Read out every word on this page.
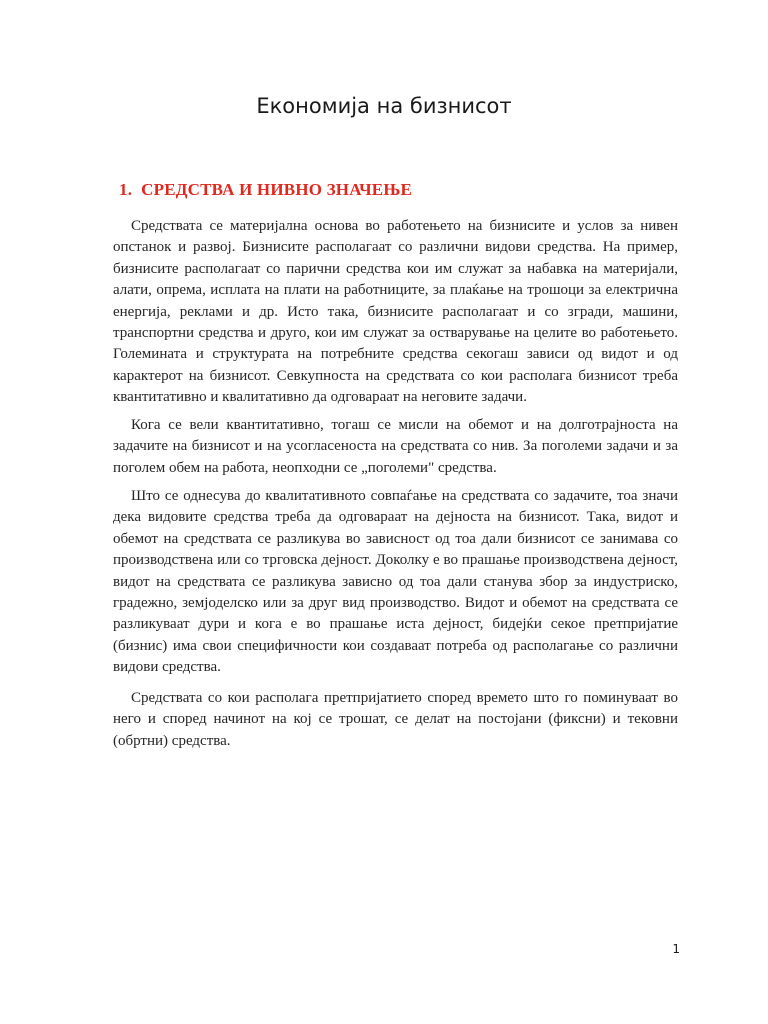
Економија на бизнисот
1. СРЕДСТВА И НИВНО ЗНАЧЕЊЕ

Средствата се материјална основа во работењето на бизнисите и услов за нивен опстанок и развој. Бизнисите располагаат со различни видови средства. На пример, бизнисите располагаат со парични средства кои им служат за набавка на материјали, алати, опрема, исплата на плати на работниците, за плаќање на трошоци за електрична енергија, реклами и др. Исто така, бизнисите располагаат и со згради, машини, транспортни средства и друго, кои им служат за остварување на целите во работењето. Големината и структурата на потребните средства секогаш зависи од видот и од карактерот на бизнисот. Севкупноста на средствата со кои располага бизнисот треба квантитативно и квалитативно да одговараат на неговите задачи.

Кога се вели квантитативно, тогаш се мисли на обемот и на долготрајноста на задачите на бизнисот и на усогласеноста на средствата со нив. За поголеми задачи и за поголем обем на работа, неопходни се „поголеми" средства.

Што се однесува до квалитативното совпаѓање на средствата со задачите, тоа значи дека видовите средства треба да одговараат на дејноста на бизнисот. Така, видот и обемот на средствата се разликува во зависност од тоа дали бизнисот се занимава со производствена или со трговска дејност. Доколку е во прашање производствена дејност, видот на средствата се разликува зависно од тоа дали станува збор за индустриско, градежно, земјоделско или за друг вид производство. Видот и обемот на средствата се разликуваат дури и кога е во прашање иста дејност, бидејќи секое претпријатие (бизнис) има свои специфичности кои создаваат потреба од располагање со различни видови средства.

Средствата со кои располага претпријатието според времето што го поминуваат во него и според начинот на кој се трошат, се делат на постојани (фиксни) и тековни (обртни) средства.

1
